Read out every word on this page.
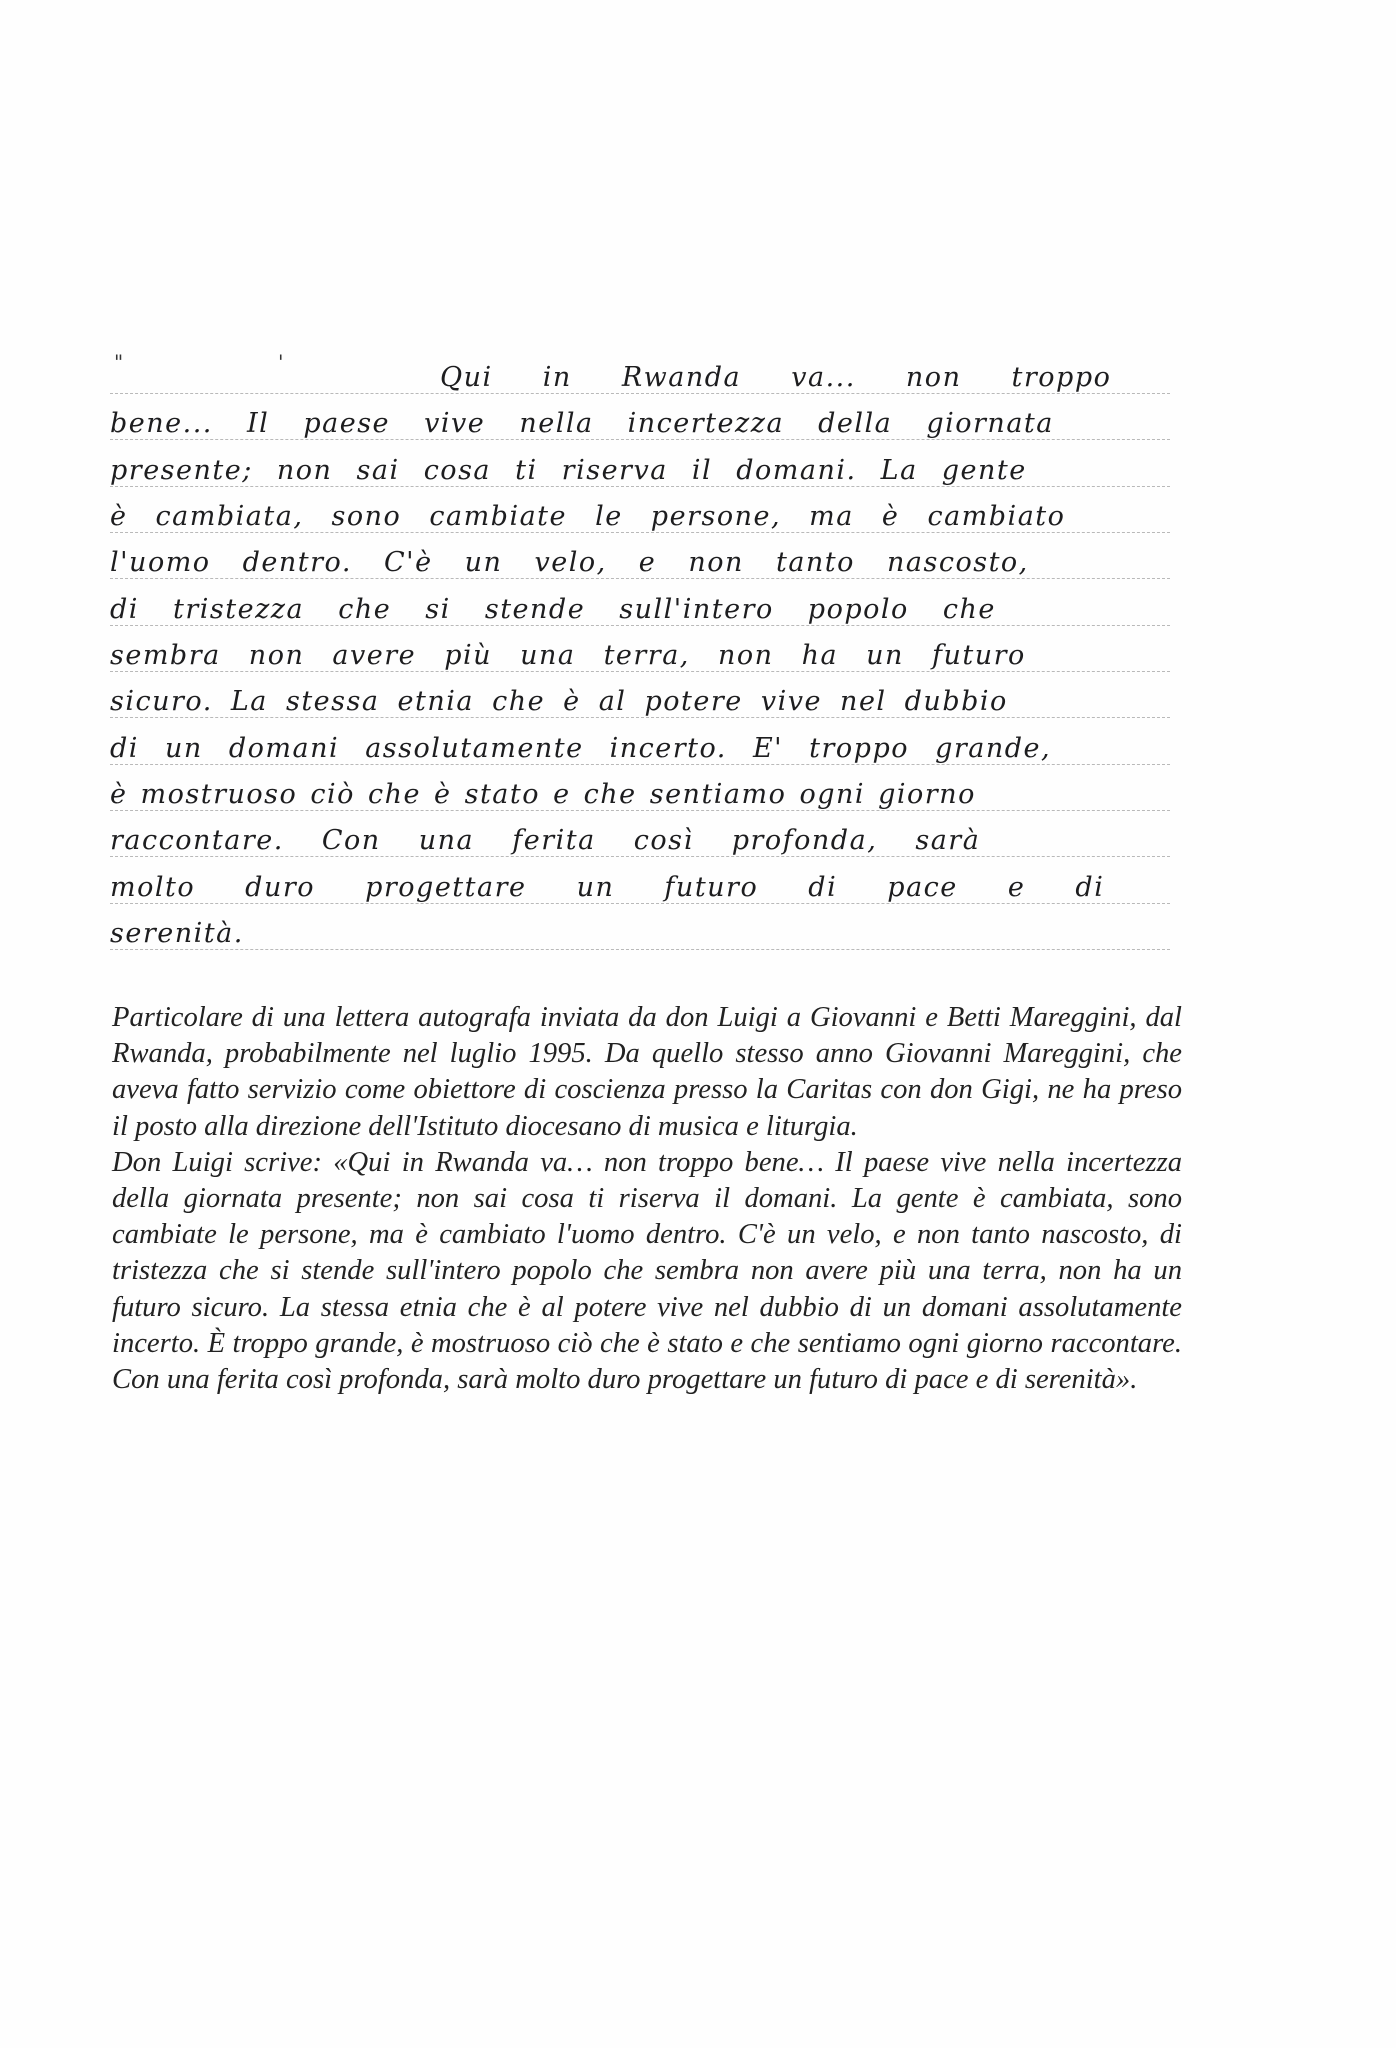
"	'	Qui in Rwanda va... non troppo
bene... Il paese vive nella incertezza della giornata
presente; non sai cosa ti riserva il domani. La gente
è cambiata, sono cambiate le persone, ma è cambiato
l'uomo dentro. C'è un velo, e non tanto nascosto,
di tristezza che si stende sull'intero popolo che
sembra non avere più una terra, non ha un futuro
sicuro. La stessa etnia che è al potere vive nel dubbio
di un domani assolutamente incerto. E' troppo grande,
è mostruoso ciò che è stato e che sentiamo ogni giorno
raccontare. Con una ferita così profonda, sarà
molto duro progettare un futuro di pace e di
serenità.

Particolare di una lettera autografa inviata da don Luigi a Giovanni e Betti Mareggini, dal Rwanda, probabilmente nel luglio 1995. Da quello stesso anno Giovanni Mareggini, che aveva fatto servizio come obiettore di coscienza presso la Caritas con don Gigi, ne ha preso il posto alla direzione dell'Istituto diocesano di musica e liturgia.

Don Luigi scrive: «Qui in Rwanda va… non troppo bene… Il paese vive nella incertezza della giornata presente; non sai cosa ti riserva il domani. La gente è cambiata, sono cambiate le persone, ma è cambiato l'uomo dentro. C'è un velo, e non tanto nascosto, di tristezza che si stende sull'intero popolo che sembra non avere più una terra, non ha un futuro sicuro. La stessa etnia che è al potere vive nel dubbio di un domani assolutamente incerto. È troppo grande, è mostruoso ciò che è stato e che sentiamo ogni giorno raccontare. Con una ferita così profonda, sarà molto duro progettare un futuro di pace e di serenità».
